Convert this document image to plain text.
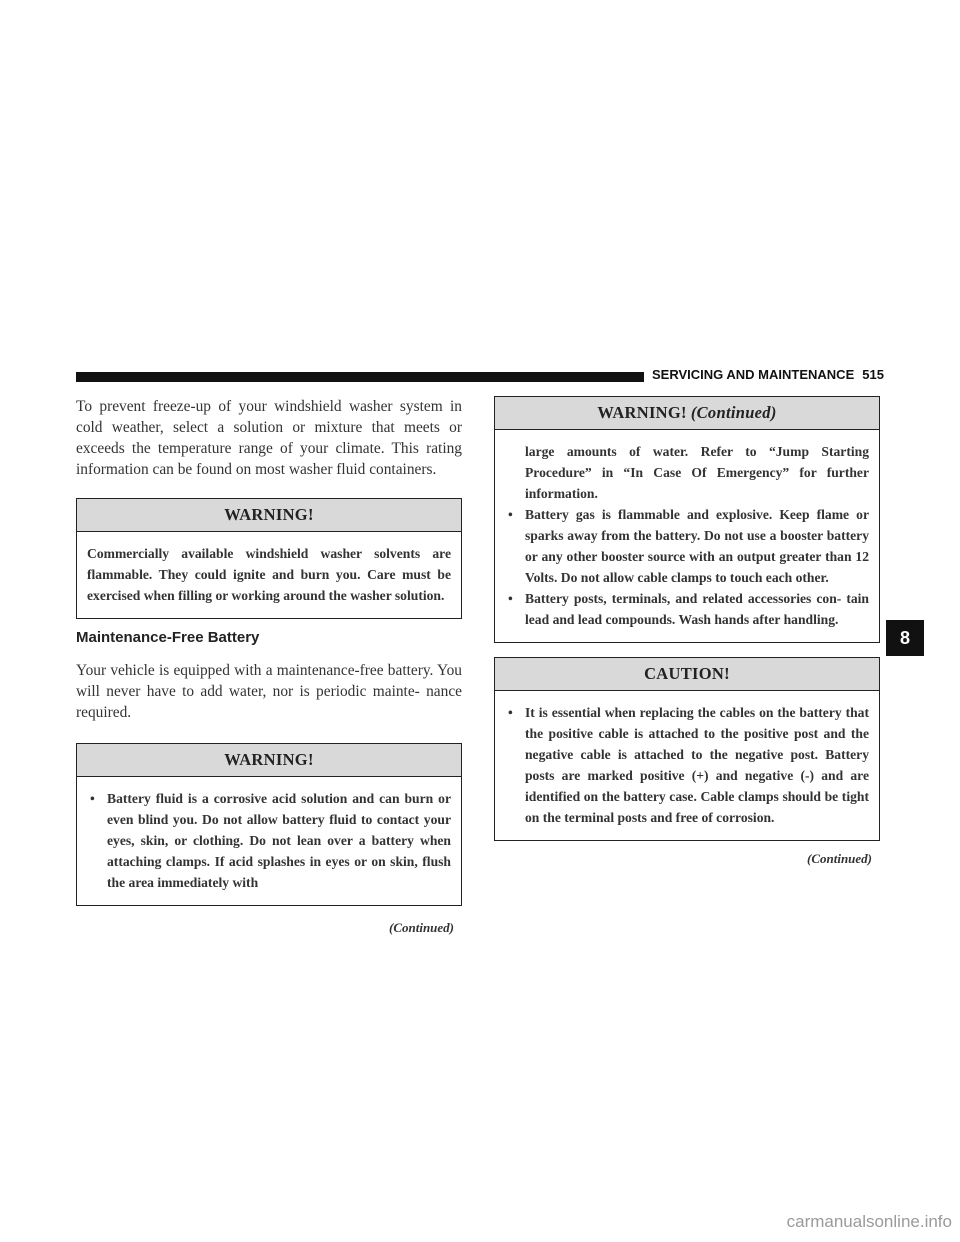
SERVICING AND MAINTENANCE 515

To prevent freeze-up of your windshield washer system in cold weather, select a solution or mixture that meets or exceeds the temperature range of your climate. This rating information can be found on most washer fluid containers.

WARNING!
Commercially available windshield washer solvents are flammable. They could ignite and burn you. Care must be exercised when filling or working around the washer solution.
Maintenance-Free Battery

Your vehicle is equipped with a maintenance-free battery. You will never have to add water, nor is periodic mainte- nance required.

WARNING!
• Battery fluid is a corrosive acid solution and can burn or even blind you. Do not allow battery fluid to contact your eyes, skin, or clothing. Do not lean over a battery when attaching clamps. If acid splashes in eyes or on skin, flush the area immediately with
(Continued)
WARNING! (Continued)
large amounts of water. Refer to “Jump Starting Procedure” in “In Case Of Emergency” for further information.
• Battery gas is flammable and explosive. Keep flame or sparks away from the battery. Do not use a booster battery or any other booster source with an output greater than 12 Volts. Do not allow cable clamps to touch each other.
• Battery posts, terminals, and related accessories con- tain lead and lead compounds. Wash hands after handling.
CAUTION!
• It is essential when replacing the cables on the battery that the positive cable is attached to the positive post and the negative cable is attached to the negative post. Battery posts are marked positive (+) and negative (-) and are identified on the battery case. Cable clamps should be tight on the terminal posts and free of corrosion.
(Continued)
8
carmanualsonline.info
